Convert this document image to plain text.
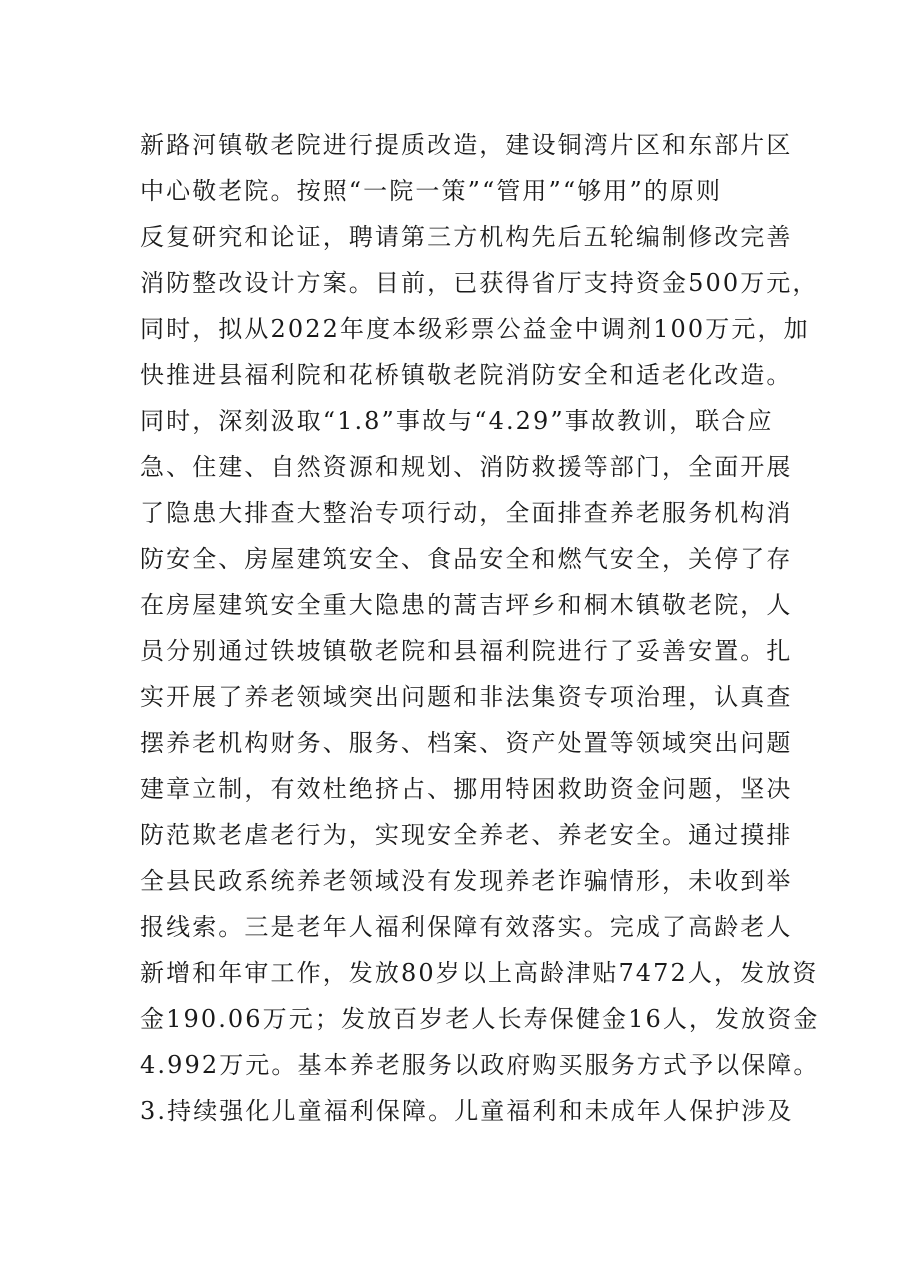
新路河镇敬老院进行提质改造，建设铜湾片区和东部片区
中心敬老院。按照“一院一策”“管用”“够用”的原则
反复研究和论证，聘请第三方机构先后五轮编制修改完善
消防整改设计方案。目前，已获得省厅支持资金500万元，
同时，拟从2022年度本级彩票公益金中调剂100万元，加
快推进县福利院和花桥镇敬老院消防安全和适老化改造。
同时，深刻汲取“1.8”事故与“4.29”事故教训，联合应
急、住建、自然资源和规划、消防救援等部门，全面开展
了隐患大排查大整治专项行动，全面排查养老服务机构消
防安全、房屋建筑安全、食品安全和燃气安全，关停了存
在房屋建筑安全重大隐患的蒿吉坪乡和桐木镇敬老院，人
员分别通过铁坡镇敬老院和县福利院进行了妥善安置。扎
实开展了养老领域突出问题和非法集资专项治理，认真查
摆养老机构财务、服务、档案、资产处置等领域突出问题
建章立制，有效杜绝挤占、挪用特困救助资金问题，坚决
防范欺老虐老行为，实现安全养老、养老安全。通过摸排
全县民政系统养老领域没有发现养老诈骗情形，未收到举
报线索。三是老年人福利保障有效落实。完成了高龄老人
新增和年审工作，发放80岁以上高龄津贴7472人，发放资
金190.06万元；发放百岁老人长寿保健金16人，发放资金
4.992万元。基本养老服务以政府购买服务方式予以保障。
3.持续强化儿童福利保障。儿童福利和未成年人保护涉及
